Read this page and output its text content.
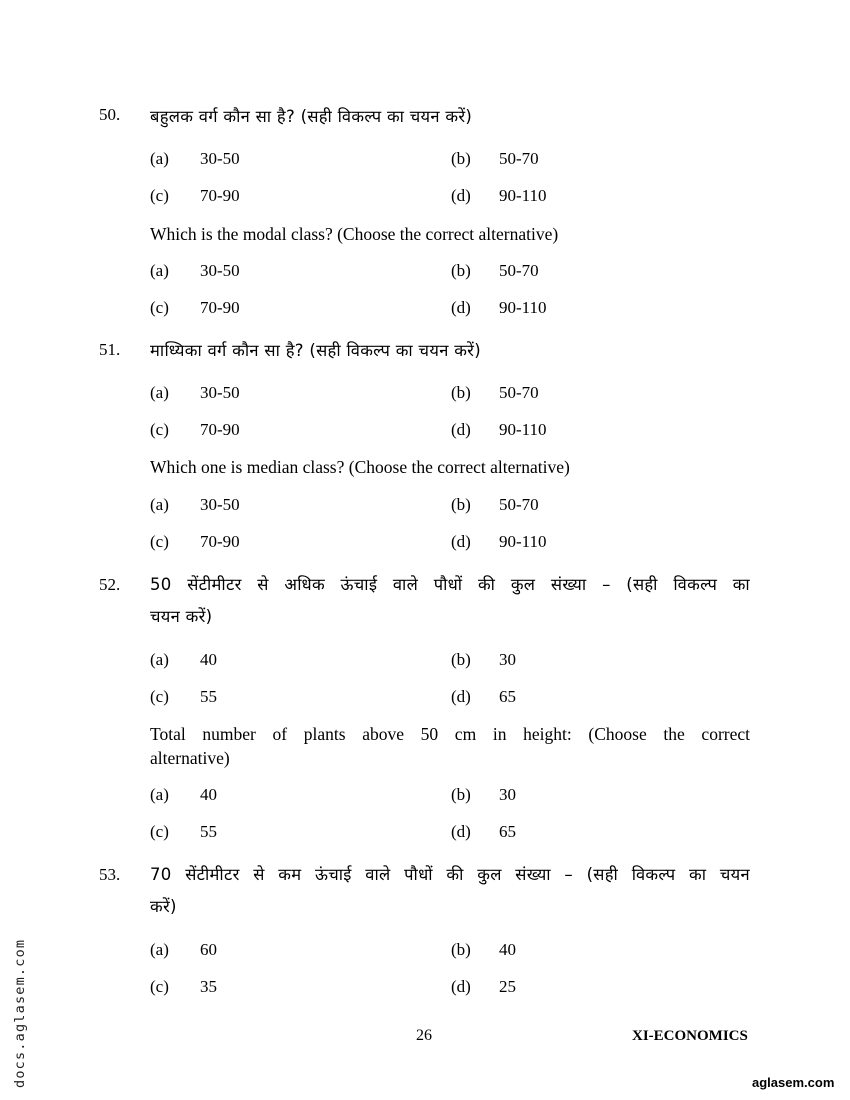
50. बहुलक वर्ग कौन सा है? (सही विकल्प का चयन करें)
(a) 30-50	(b) 50-70
(c) 70-90	(d) 90-110
Which is the modal class? (Choose the correct alternative)
(a) 30-50	(b) 50-70
(c) 70-90	(d) 90-110
51. माध्यिका वर्ग कौन सा है? (सही विकल्प का चयन करें)
(a) 30-50	(b) 50-70
(c) 70-90	(d) 90-110
Which one is median class? (Choose the correct alternative)
(a) 30-50	(b) 50-70
(c) 70-90	(d) 90-110
52. 50 सेंटीमीटर से अधिक ऊंचाई वाले पौधों की कुल संख्या – (सही विकल्प का
चयन करें)
(a) 40	(b) 30
(c) 55	(d) 65
Total number of plants above 50 cm in height: (Choose the correct
alternative)
(a) 40	(b) 30
(c) 55	(d) 65
53. 70 सेंटीमीटर से कम ऊंचाई वाले पौधों की कुल संख्या – (सही विकल्प का चयन
करें)
(a) 60	(b) 40
(c) 35	(d) 25
26	XI-ECONOMICS
docs.aglasem.com	aglasem.com
